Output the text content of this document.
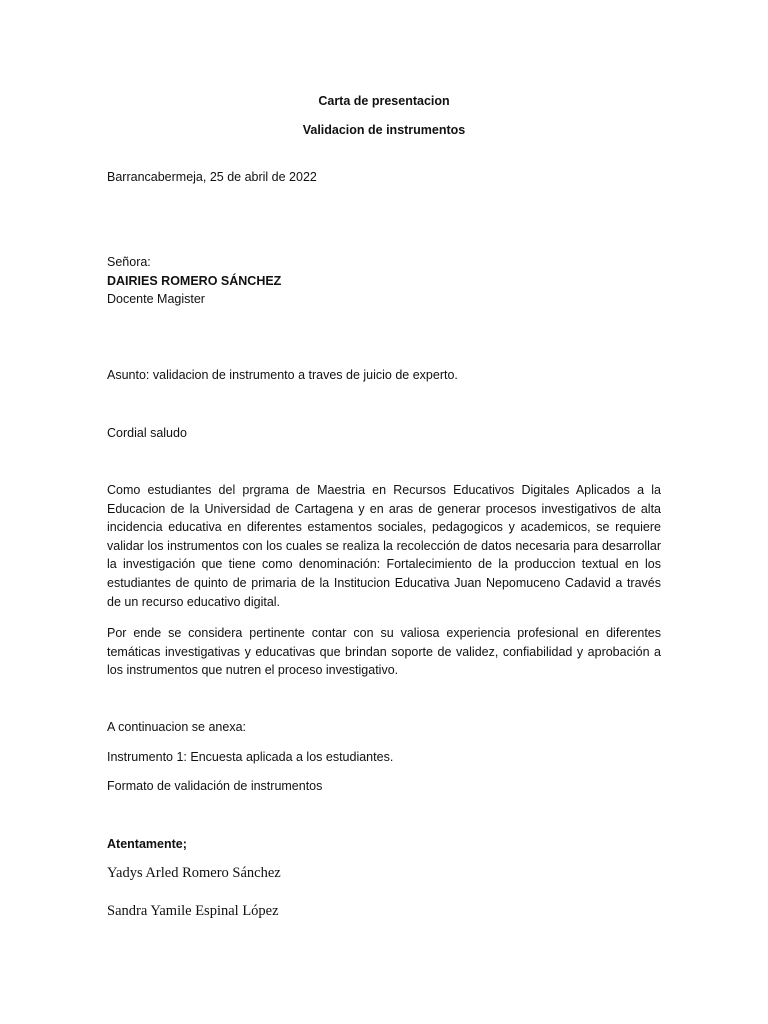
Carta de presentacion
Validacion de instrumentos
Barrancabermeja, 25 de abril de 2022
Señora:
DAIRIES ROMERO SÁNCHEZ
Docente Magister
Asunto: validacion de instrumento a traves de juicio de experto.
Cordial saludo
Como estudiantes del prgrama de Maestria en Recursos Educativos Digitales Aplicados a la Educacion de la Universidad de Cartagena y en aras de generar procesos investigativos de alta incidencia educativa en diferentes estamentos sociales, pedagogicos y academicos, se requiere validar los instrumentos con los cuales se realiza la recolección de datos necesaria para desarrollar la investigación que tiene como denominación: Fortalecimiento de la produccion textual en los estudiantes de quinto de primaria de la Institucion Educativa Juan Nepomuceno Cadavid a través de un recurso educativo digital.
Por ende se considera pertinente contar con su valiosa experiencia profesional en diferentes temáticas investigativas y educativas que brindan soporte de validez, confiabilidad y aprobación a los instrumentos que nutren el proceso investigativo.
A continuacion se anexa:
Instrumento 1: Encuesta aplicada a los estudiantes.
Formato de validación de instrumentos
Atentamente;
Yadys Arled Romero Sánchez
Sandra Yamile Espinal López
